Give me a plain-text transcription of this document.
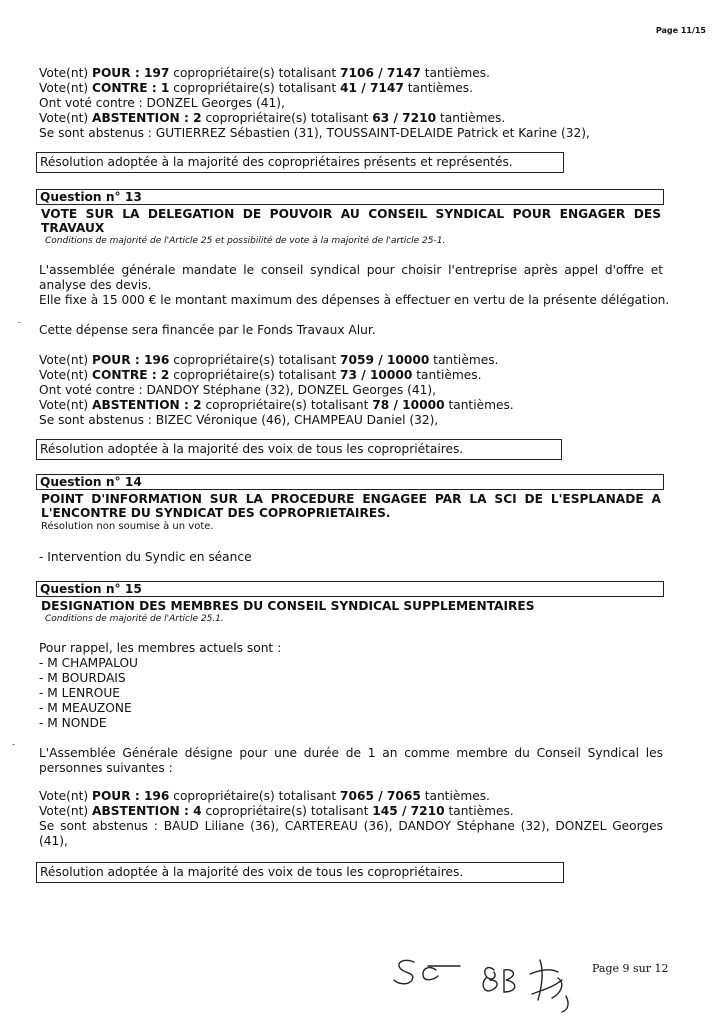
Page 11/15
Vote(nt) POUR : 197 copropriétaire(s) totalisant 7106 / 7147 tantièmes.
Vote(nt) CONTRE : 1 copropriétaire(s) totalisant 41 / 7147 tantièmes.
Ont voté contre : DONZEL Georges (41),
Vote(nt) ABSTENTION : 2 copropriétaire(s) totalisant 63 / 7210 tantièmes.
Se sont abstenus : GUTIERREZ Sébastien (31), TOUSSAINT-DELAIDE Patrick et Karine (32),
Résolution adoptée à la majorité des copropriétaires présents et représentés.
Question n° 13
VOTE SUR LA DELEGATION DE POUVOIR AU CONSEIL SYNDICAL POUR ENGAGER DES TRAVAUX
Conditions de majorité de l'Article 25 et possibilité de vote à la majorité de l'article 25-1.
L'assemblée générale mandate le conseil syndical pour choisir l'entreprise après appel d'offre et analyse des devis.
Elle fixe à 15 000 € le montant maximum des dépenses à effectuer en vertu de la présente délégation.
Cette dépense sera financée par le Fonds Travaux Alur.
Vote(nt) POUR : 196 copropriétaire(s) totalisant 7059 / 10000 tantièmes.
Vote(nt) CONTRE : 2 copropriétaire(s) totalisant 73 / 10000 tantièmes.
Ont voté contre : DANDOY Stéphane (32), DONZEL Georges (41),
Vote(nt) ABSTENTION : 2 copropriétaire(s) totalisant 78 / 10000 tantièmes.
Se sont abstenus : BIZEC Véronique (46), CHAMPEAU Daniel (32),
Résolution adoptée à la majorité des voix de tous les copropriétaires.
Question n° 14
POINT D'INFORMATION SUR LA PROCEDURE ENGAGEE PAR LA SCI DE L'ESPLANADE A L'ENCONTRE DU SYNDICAT DES COPROPRIETAIRES.
Résolution non soumise à un vote.
- Intervention du Syndic en séance
Question n° 15
DESIGNATION DES MEMBRES DU CONSEIL SYNDICAL SUPPLEMENTAIRES
Conditions de majorité de l'Article 25.1.
Pour rappel, les membres actuels sont :
- M CHAMPALOU
- M BOURDAIS
- M LENROUE
- M MEAUZONE
- M NONDE
L'Assemblée Générale désigne pour une durée de 1 an comme membre du Conseil Syndical les personnes suivantes :
Vote(nt) POUR : 196 copropriétaire(s) totalisant 7065 / 7065 tantièmes.
Vote(nt) ABSTENTION : 4 copropriétaire(s) totalisant 145 / 7210 tantièmes.
Se sont abstenus : BAUD Liliane (36), CARTEREAU (36), DANDOY Stéphane (32), DONZEL Georges (41),
Résolution adoptée à la majorité des voix de tous les copropriétaires.
Page 9 sur 12
